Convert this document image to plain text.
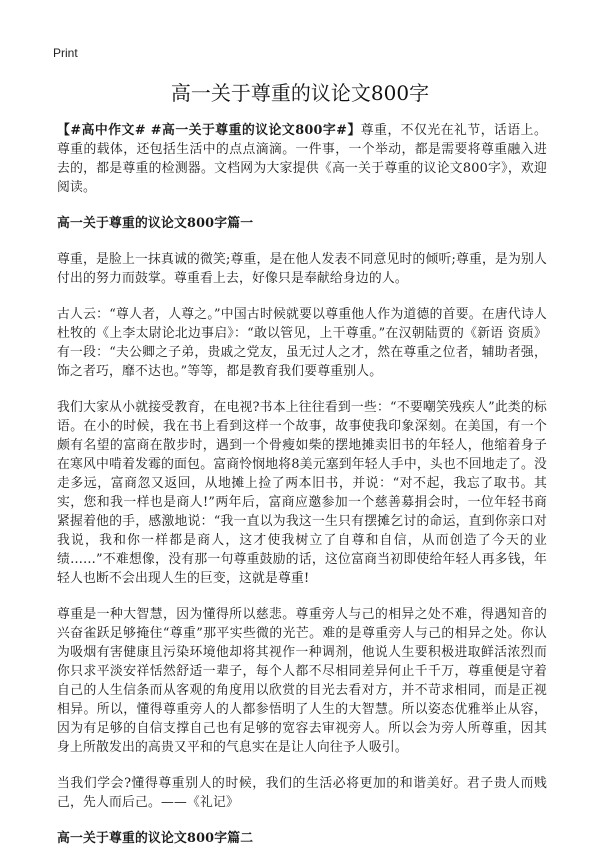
Print
高一关于尊重的议论文800字

【#高中作文# #高一关于尊重的议论文800字#】尊重，不仅光在礼节，话语上。尊重的载体，还包括生活中的点点滴滴。一件事，一个举动，都是需要将尊重融入进去的，都是尊重的检测器。文档网为大家提供《高一关于尊重的议论文800字》，欢迎阅读。

高一关于尊重的议论文800字篇一

尊重，是脸上一抹真诚的微笑;尊重，是在他人发表不同意见时的倾听;尊重，是为别人付出的努力而鼓掌。尊重看上去，好像只是奉献给身边的人。

古人云：“尊人者，人尊之。”中国古时候就要以尊重他人作为道德的首要。在唐代诗人杜牧的《上李太尉论北边事启》：“敢以管见，上干尊重。”在汉朝陆贾的《新语 资质》有一段：“夫公卿之子弟，贵戚之党友，虽无过人之才，然在尊重之位者，辅助者强，饰之者巧，靡不达也。”等等，都是教育我们要尊重别人。

我们大家从小就接受教育，在电视?书本上往往看到一些：“不要嘲笑残疾人”此类的标语。在小的时候，我在书上看到这样一个故事，故事使我印象深刻。在美国，有一个颇有名望的富商在散步时，遇到一个骨瘦如柴的摆地摊卖旧书的年轻人，他缩着身子在寒风中啃着发霉的面包。富商怜悯地将8美元塞到年轻人手中，头也不回地走了。没走多远，富商忽又返回，从地摊上捡了两本旧书，并说：“对不起，我忘了取书。其实，您和我一样也是商人!”两年后，富商应邀参加一个慈善募捐会时，一位年轻书商紧握着他的手，感激地说：“我一直以为我这一生只有摆摊乞讨的命运，直到你亲口对我说，我和你一样都是商人，这才使我树立了自尊和自信，从而创造了今天的业绩……”不难想像，没有那一句尊重鼓励的话，这位富商当初即使给年轻人再多钱，年轻人也断不会出现人生的巨变，这就是尊重!

尊重是一种大智慧，因为懂得所以慈悲。尊重旁人与己的相异之处不难，得遇知音的兴奋雀跃足够掩住“尊重”那平实些微的光芒。难的是尊重旁人与己的相异之处。你认为吸烟有害健康且污染环境他却将其视作一种调剂，他说人生要积极进取鲜活浓烈而你只求平淡安祥恬然舒适一辈子，每个人都不尽相同差异何止千千万，尊重便是守着自己的人生信条而从客观的角度用以欣赏的目光去看对方，并不苛求相同，而是正视相异。所以，懂得尊重旁人的人都参悟明了人生的大智慧。所以姿态优雅举止从容，因为有足够的自信支撑自己也有足够的宽容去审视旁人。所以会为旁人所尊重，因其身上所散发出的高贵又平和的气息实在是让人向往予人吸引。

当我们学会?懂得尊重别人的时候，我们的生活必将更加的和谐美好。君子贵人而贱己，先人而后己。——《礼记》

高一关于尊重的议论文800字篇二
